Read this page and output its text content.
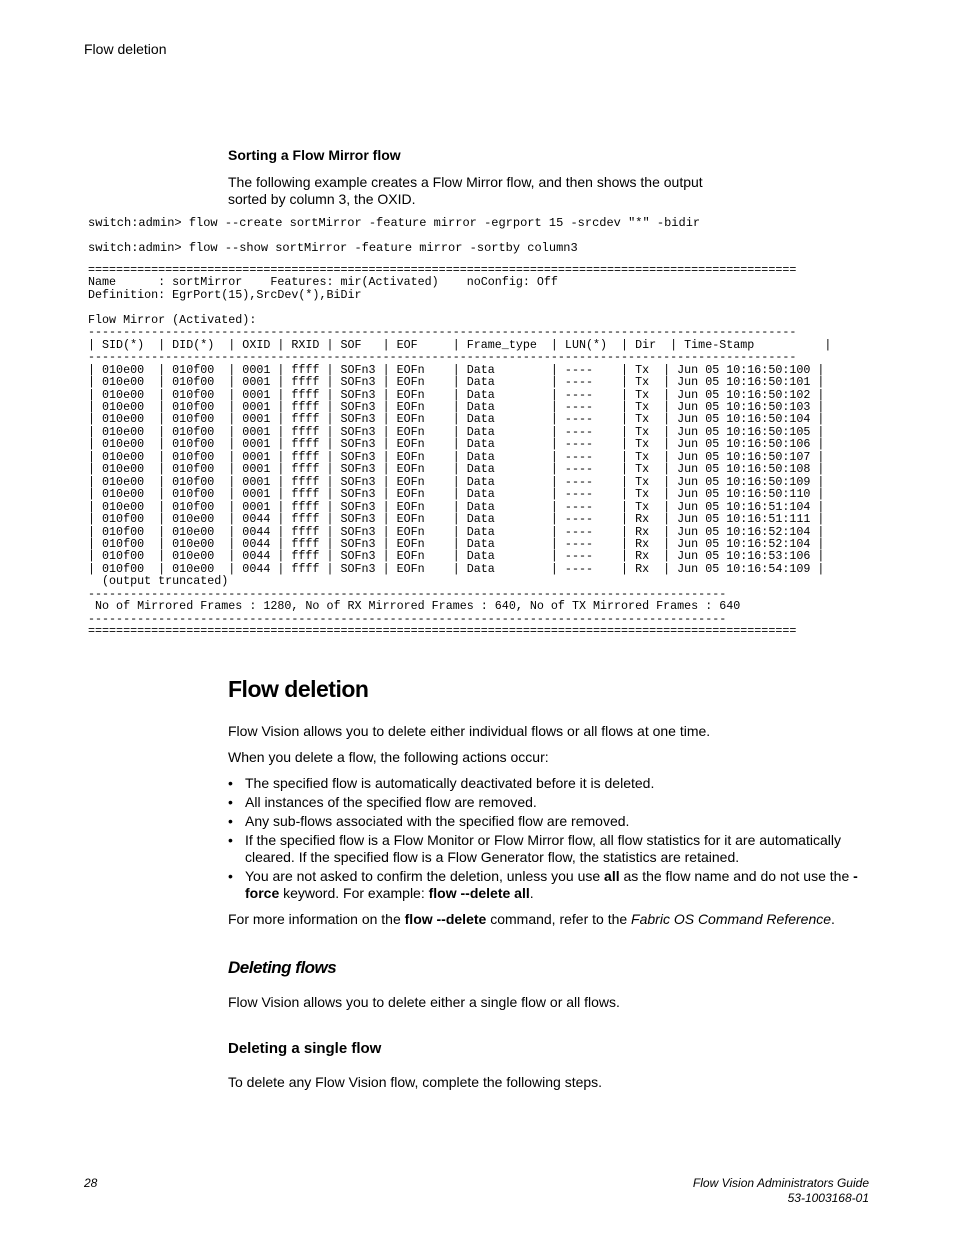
Flow deletion
Sorting a Flow Mirror flow
The following example creates a Flow Mirror flow, and then shows the output sorted by column 3, the OXID.
switch:admin> flow --create sortMirror -feature mirror -egrport 15 -srcdev "*" -bidir
switch:admin> flow --show sortMirror -feature mirror -sortby column3
=====================================================================================================
Name      : sortMirror    Features: mir(Activated)    noConfig: Off
Definition: EgrPort(15),SrcDev(*),BiDir

Flow Mirror (Activated):
-----------------------------------------------------------------------------------------------------
| SID(*)  | DID(*)  | OXID | RXID | SOF   | EOF     | Frame_type  | LUN(*)  | Dir  | Time-Stamp          |
-----------------------------------------------------------------------------------------------------
| 010e00  | 010f00  | 0001 | ffff | SOFn3 | EOFn    | Data        | ----    | Tx  | Jun 05 10:16:50:100 |
| 010e00  | 010f00  | 0001 | ffff | SOFn3 | EOFn    | Data        | ----    | Tx  | Jun 05 10:16:50:101 |
| 010e00  | 010f00  | 0001 | ffff | SOFn3 | EOFn    | Data        | ----    | Tx  | Jun 05 10:16:50:102 |
| 010e00  | 010f00  | 0001 | ffff | SOFn3 | EOFn    | Data        | ----    | Tx  | Jun 05 10:16:50:103 |
| 010e00  | 010f00  | 0001 | ffff | SOFn3 | EOFn    | Data        | ----    | Tx  | Jun 05 10:16:50:104 |
| 010e00  | 010f00  | 0001 | ffff | SOFn3 | EOFn    | Data        | ----    | Tx  | Jun 05 10:16:50:105 |
| 010e00  | 010f00  | 0001 | ffff | SOFn3 | EOFn    | Data        | ----    | Tx  | Jun 05 10:16:50:106 |
| 010e00  | 010f00  | 0001 | ffff | SOFn3 | EOFn    | Data        | ----    | Tx  | Jun 05 10:16:50:107 |
| 010e00  | 010f00  | 0001 | ffff | SOFn3 | EOFn    | Data        | ----    | Tx  | Jun 05 10:16:50:108 |
| 010e00  | 010f00  | 0001 | ffff | SOFn3 | EOFn    | Data        | ----    | Tx  | Jun 05 10:16:50:109 |
| 010e00  | 010f00  | 0001 | ffff | SOFn3 | EOFn    | Data        | ----    | Tx  | Jun 05 10:16:50:110 |
| 010e00  | 010f00  | 0001 | ffff | SOFn3 | EOFn    | Data        | ----    | Tx  | Jun 05 10:16:51:104 |
| 010f00  | 010e00  | 0044 | ffff | SOFn3 | EOFn    | Data        | ----    | Rx  | Jun 05 10:16:51:111 |
| 010f00  | 010e00  | 0044 | ffff | SOFn3 | EOFn    | Data        | ----    | Rx  | Jun 05 10:16:52:104 |
| 010f00  | 010e00  | 0044 | ffff | SOFn3 | EOFn    | Data        | ----    | Rx  | Jun 05 10:16:52:104 |
| 010f00  | 010e00  | 0044 | ffff | SOFn3 | EOFn    | Data        | ----    | Rx  | Jun 05 10:16:53:106 |
| 010f00  | 010e00  | 0044 | ffff | SOFn3 | EOFn    | Data        | ----    | Rx  | Jun 05 10:16:54:109 |
(output truncated)
-------------------------------------------------------------------------------------------
No of Mirrored Frames : 1280, No of RX Mirrored Frames : 640, No of TX Mirrored Frames : 640
-------------------------------------------------------------------------------------------
=====================================================================================================
Flow deletion
Flow Vision allows you to delete either individual flows or all flows at one time.
When you delete a flow, the following actions occur:
• The specified flow is automatically deactivated before it is deleted.
• All instances of the specified flow are removed.
• Any sub-flows associated with the specified flow are removed.
• If the specified flow is a Flow Monitor or Flow Mirror flow, all flow statistics for it are automatically cleared. If the specified flow is a Flow Generator flow, the statistics are retained.
• You are not asked to confirm the deletion, unless you use all as the flow name and do not use the -force keyword. For example: flow --delete all.
For more information on the flow --delete command, refer to the Fabric OS Command Reference.
Deleting flows
Flow Vision allows you to delete either a single flow or all flows.
Deleting a single flow
To delete any Flow Vision flow, complete the following steps.
28	Flow Vision Administrators Guide
53-1003168-01
